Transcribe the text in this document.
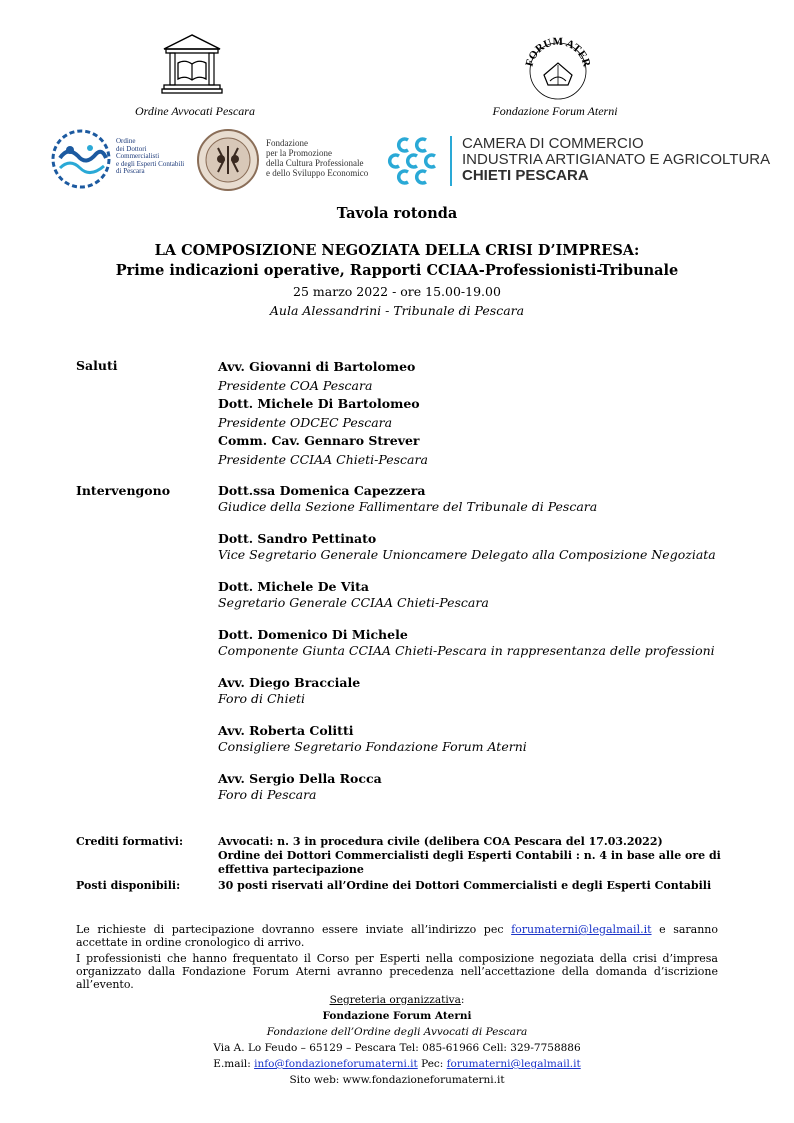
Ordine Avvocati Pescara
FORUM ATER
Fondazione Forum Aterni
Ordine
dei Dottori Commercialisti
e degli Esperti Contabili
di Pescara
Fondazione
per la Promozione
della Cultura Professionale
e dello Sviluppo Economico
CAMERA DI COMMERCIO
INDUSTRIA ARTIGIANATO E AGRICOLTURA
CHIETI PESCARA
Tavola rotonda
LA COMPOSIZIONE NEGOZIATA DELLA CRISI D’IMPRESA:
Prime indicazioni operative, Rapporti CCIAA-Professionisti-Tribunale
25 marzo 2022 - ore 15.00-19.00
Aula Alessandrini - Tribunale di Pescara
Saluti	Avv. Giovanni di Bartolomeo
Presidente COA Pescara
Dott. Michele Di Bartolomeo
Presidente ODCEC Pescara
Comm. Cav. Gennaro Strever
Presidente CCIAA Chieti-Pescara
Intervengono	Dott.ssa Domenica Capezzera
Giudice della Sezione Fallimentare del Tribunale di Pescara
Dott. Sandro Pettinato
Vice Segretario Generale Unioncamere Delegato alla Composizione Negoziata
Dott. Michele De Vita
Segretario Generale CCIAA Chieti-Pescara
Dott. Domenico Di Michele
Componente Giunta CCIAA Chieti-Pescara in rappresentanza delle professioni
Avv. Diego Bracciale
Foro di Chieti
Avv. Roberta Colitti
Consigliere Segretario Fondazione Forum Aterni
Avv. Sergio Della Rocca
Foro di Pescara
Crediti formativi:	Avvocati: n. 3 in procedura civile (delibera COA Pescara del 17.03.2022)
Ordine dei Dottori Commercialisti degli Esperti Contabili : n. 4 in base alle ore di
effettiva partecipazione
Posti disponibili:	30 posti riservati all’Ordine dei Dottori Commercialisti e degli Esperti Contabili
Le richieste di partecipazione dovranno essere inviate all’indirizzo pec forumaterni@legalmail.it e saranno accettate in ordine cronologico di arrivo.
I professionisti che hanno frequentato il Corso per Esperti nella composizione negoziata della crisi d’impresa organizzato dalla Fondazione Forum Aterni avranno precedenza nell’accettazione della domanda d’iscrizione all’evento.
Segreteria organizzativa:
Fondazione Forum Aterni
Fondazione dell’Ordine degli Avvocati di Pescara
Via A. Lo Feudo – 65129 – Pescara Tel: 085-61966 Cell: 329-7758886
E.mail: info@fondazioneforumaterni.it Pec: forumaterni@legalmail.it
Sito web: www.fondazioneforumaterni.it
